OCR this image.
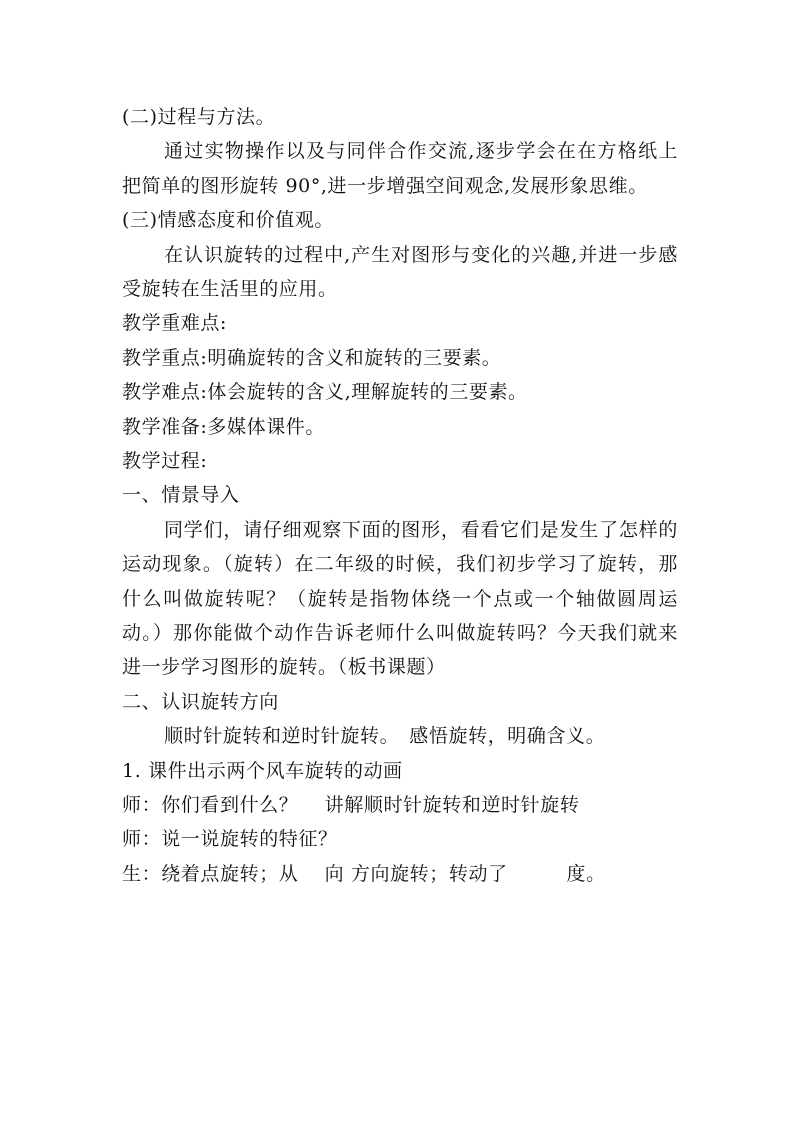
(二)过程与方法。
通过实物操作以及与同伴合作交流,逐步学会在在方格纸上把简单的图形旋转 90°,进一步增强空间观念,发展形象思维。
(三)情感态度和价值观。
在认识旋转的过程中,产生对图形与变化的兴趣,并进一步感受旋转在生活里的应用。
教学重难点:
教学重点:明确旋转的含义和旋转的三要素。
教学难点:体会旋转的含义,理解旋转的三要素。
教学准备:多媒体课件。
教学过程:
一、情景导入
同学们，请仔细观察下面的图形，看看它们是发生了怎样的运动现象。（旋转）在二年级的时候，我们初步学习了旋转，那什么叫做旋转呢？（旋转是指物体绕一个点或一个轴做圆周运动。）那你能做个动作告诉老师什么叫做旋转吗？今天我们就来进一步学习图形的旋转。（板书课题）
二、认识旋转方向
顺时针旋转和逆时针旋转。　感悟旋转，明确含义。
1. 课件出示两个风车旋转的动画
师：你们看到什么？　 讲解顺时针旋转和逆时针旋转
师：说一说旋转的特征？
生：绕着点旋转；从　 向 方向旋转；转动了　　　度。
